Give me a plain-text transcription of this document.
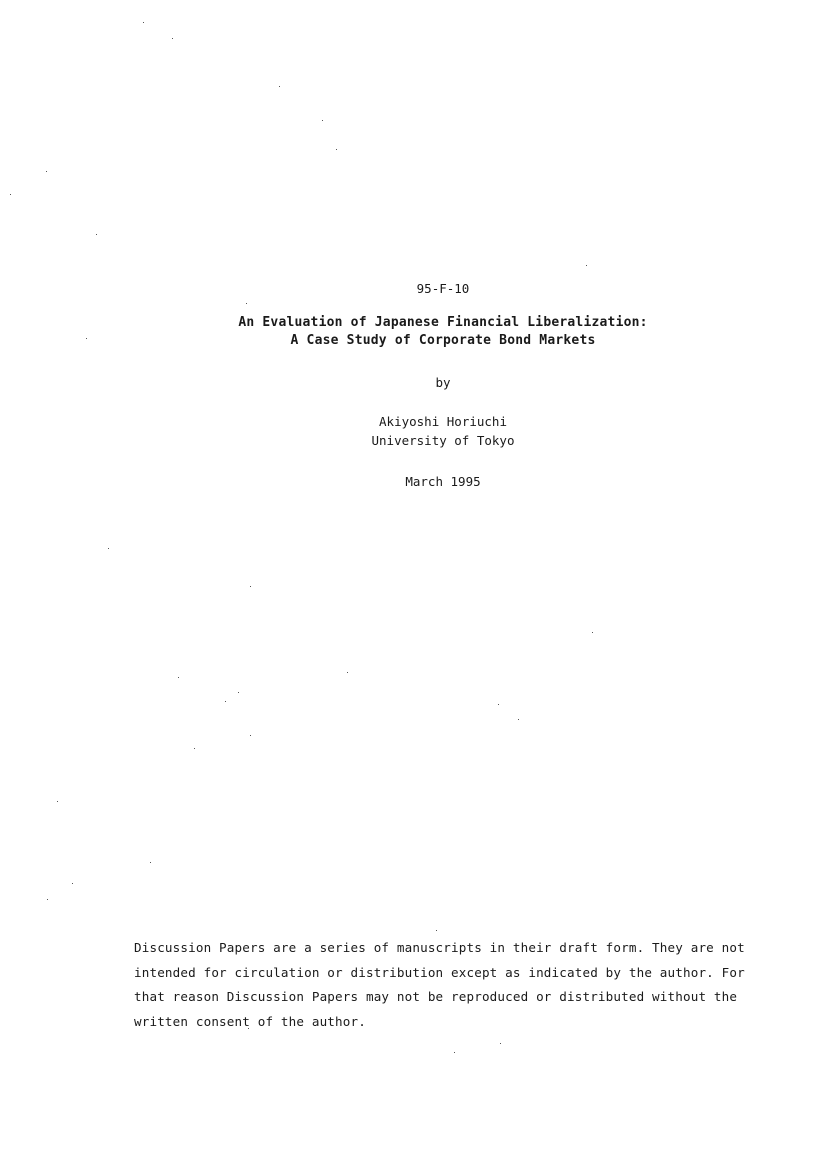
95-F-10
An Evaluation of Japanese Financial Liberalization:
A Case Study of Corporate Bond Markets
by
Akiyoshi Horiuchi
University of Tokyo
March 1995
Discussion Papers are a series of manuscripts in their draft form. They are not
intended for circulation or distribution except as indicated by the author. For
that reason Discussion Papers may not be reproduced or distributed without the
written consent of the author.
